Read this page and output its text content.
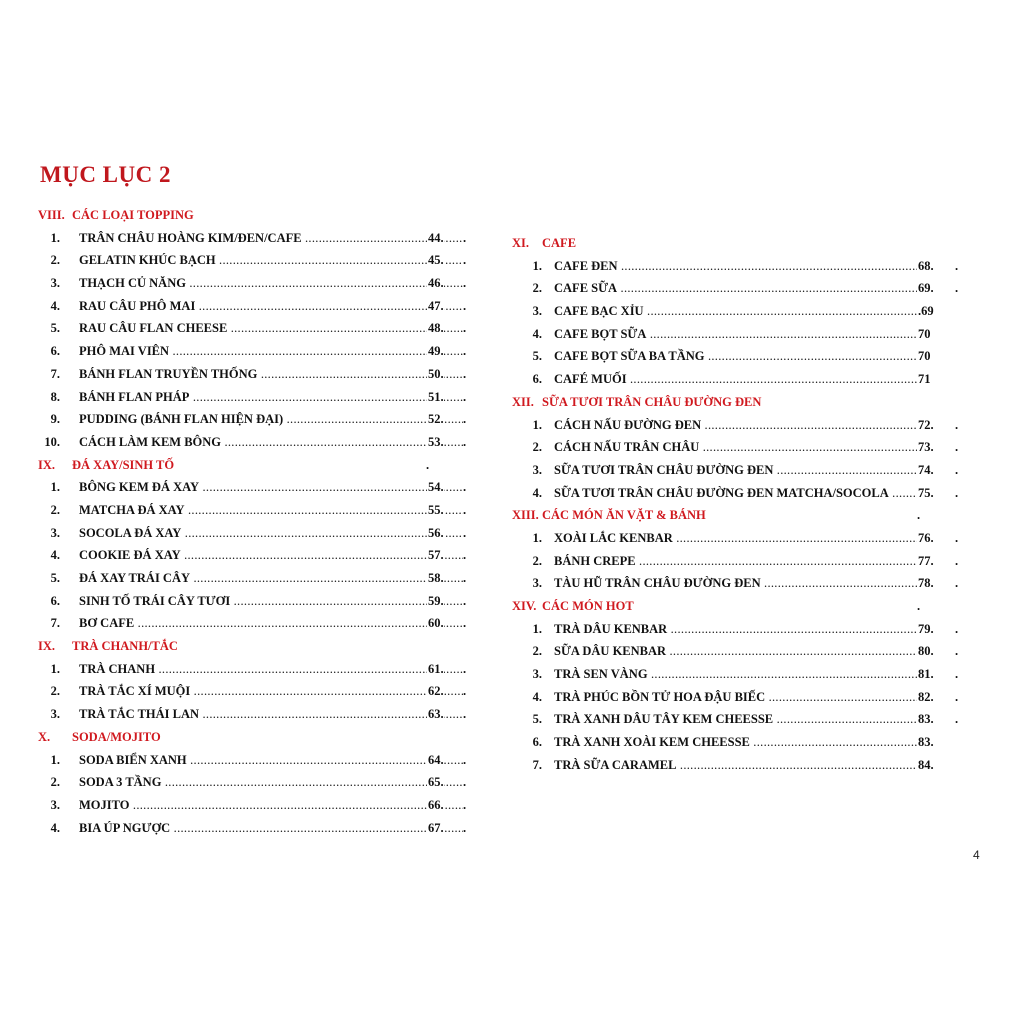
MỤC LỤC 2
VIII. CÁC LOẠI TOPPING
1. TRÂN CHÂU HOÀNG KIM/ĐEN/CAFE .....	44. .
2. GELATIN KHÚC BẠCH .....	45. .
3. THẠCH CỦ NĂNG .....	46. .
4. RAU CÂU PHÔ MAI .....	47. .
5. RAU CÂU FLAN CHEESE .....	48. .
6. PHÔ MAI VIÊN .....	49. .
7. BÁNH FLAN TRUYỀN THỐNG .....	50. .
8. BÁNH FLAN PHÁP .....	51. .
9. PUDDING (BÁNH FLAN HIỆN ĐẠI) .....	52. .
10. CÁCH LÀM KEM BÔNG .....	53. .
IX. ĐÁ XAY/SINH TỐ	.
1. BÔNG KEM ĐÁ XAY .....	54. .
2. MATCHA ĐÁ XAY .....	55. .
3. SOCOLA ĐÁ XAY .....	56. .
4. COOKIE ĐÁ XAY .....	57. .
5. ĐÁ XAY TRÁI CÂY .....	58. .
6. SINH TỐ TRÁI CÂY TƯƠI .....	59. .
7. BƠ CAFE .....	60. .
IX. TRÀ CHANH/TẮC
1. TRÀ CHANH .....	61. .
2. TRÀ TẮC XÍ MUỘI .....	62. .
3. TRÀ TẮC THÁI LAN .....	63. .
X. SODA/MOJITO
1. SODA BIỂN XANH .....	64. .
2. SODA 3 TẦNG .....	65. .
3. MOJITO .....	66. .
4. BIA ÚP NGƯỢC .....	67. .
XI. CAFE
1. CAFE ĐEN .....	68. .
2. CAFE SỮA .....	69. .
3. CAFE BẠC XỈU .....	.69
4. CAFE BỌT SỮA .....	70
5. CAFE BỌT SỮA BA TẦNG .....	70
6. CAFÉ MUỐI .....	71
XII. SỮA TƯƠI TRÂN CHÂU ĐƯỜNG ĐEN
1. CÁCH NẤU ĐƯỜNG ĐEN .....	72. .
2. CÁCH NẤU TRÂN CHÂU .....	73. .
3. SỮA TƯƠI TRÂN CHÂU ĐƯỜNG ĐEN .....	74. .
4. SỮA TƯƠI TRÂN CHÂU ĐƯỜNG ĐEN MATCHA/SOCOLA .....	75. .
XIII. CÁC MÓN ĂN VẶT & BÁNH	.
1. XOÀI LẮC KENBAR .....	76. .
2. BÁNH CREPE .....	77. .
3. TÀU HŨ TRÂN CHÂU ĐƯỜNG ĐEN .....	78. .
XIV. CÁC MÓN HOT	.
1. TRÀ DÂU KENBAR .....	79. .
2. SỮA DÂU KENBAR .....	80. .
3. TRÀ SEN VÀNG .....	81. .
4. TRÀ PHÚC BỒN TỬ HOA ĐẬU BIẾC .....	82. .
5. TRÀ XANH DÂU TÂY KEM CHEESSE .....	83. .
6. TRÀ XANH XOÀI KEM CHEESSE .....	83.
7. TRÀ SỮA CARAMEL .....	84.
4
